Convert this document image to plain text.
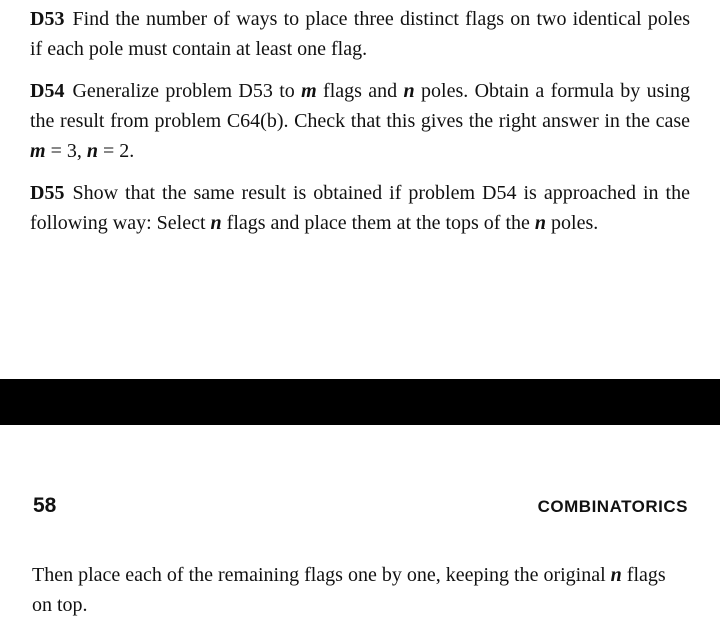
D53 Find the number of ways to place three distinct flags on two identical poles if each pole must contain at least one flag.
D54 Generalize problem D53 to m flags and n poles. Obtain a formula by using the result from problem C64(b). Check that this gives the right answer in the case m = 3, n = 2.
D55 Show that the same result is obtained if problem D54 is approached in the following way: Select n flags and place them at the tops of the n poles.
58	COMBINATORICS
Then place each of the remaining flags one by one, keeping the original n flags on top.
